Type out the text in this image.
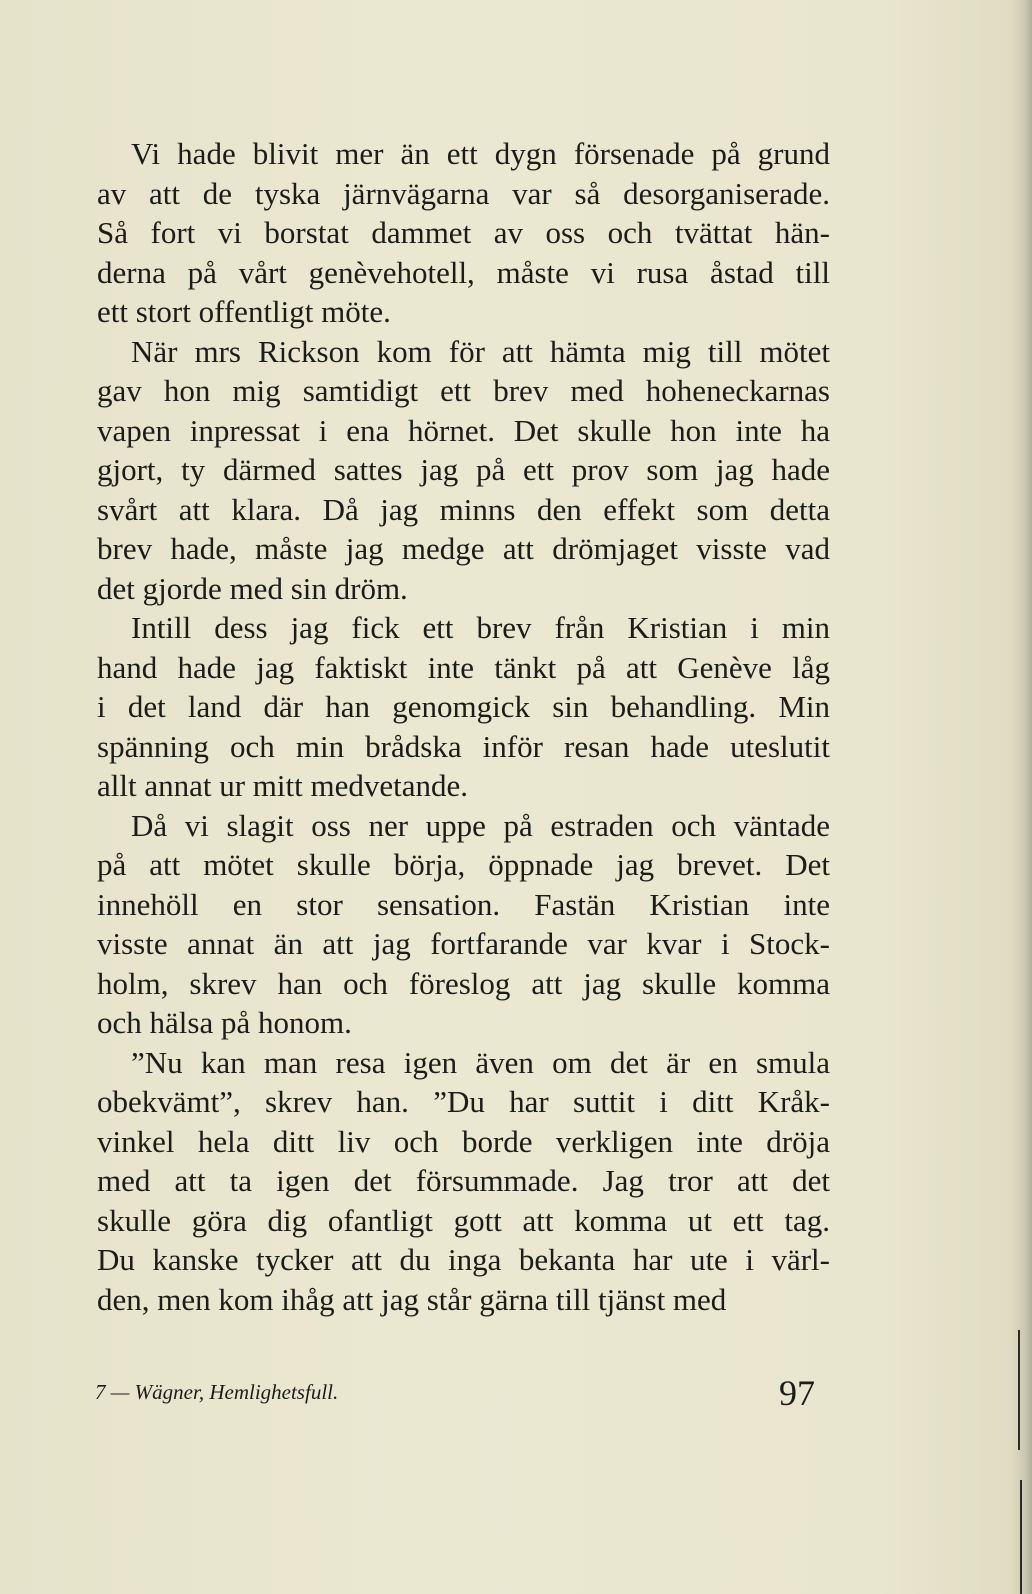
Vi hade blivit mer än ett dygn försenade på grund
av att de tyska järnvägarna var så desorganiserade.
Så fort vi borstat dammet av oss och tvättat hän-
derna på vårt genèvehotell, måste vi rusa åstad till
ett stort offentligt möte.
När mrs Rickson kom för att hämta mig till mötet
gav hon mig samtidigt ett brev med hoheneckarnas
vapen inpressat i ena hörnet. Det skulle hon inte ha
gjort, ty därmed sattes jag på ett prov som jag hade
svårt att klara. Då jag minns den effekt som detta
brev hade, måste jag medge att drömjaget visste vad
det gjorde med sin dröm.
Intill dess jag fick ett brev från Kristian i min
hand hade jag faktiskt inte tänkt på att Genève låg
i det land där han genomgick sin behandling. Min
spänning och min brådska inför resan hade uteslutit
allt annat ur mitt medvetande.
Då vi slagit oss ner uppe på estraden och väntade
på att mötet skulle börja, öppnade jag brevet. Det
innehöll en stor sensation. Fastän Kristian inte
visste annat än att jag fortfarande var kvar i Stock-
holm, skrev han och föreslog att jag skulle komma
och hälsa på honom.
”Nu kan man resa igen även om det är en smula
obekvämt”, skrev han. ”Du har suttit i ditt Kråk-
vinkel hela ditt liv och borde verkligen inte dröja
med att ta igen det försummade. Jag tror att det
skulle göra dig ofantligt gott att komma ut ett tag.
Du kanske tycker att du inga bekanta har ute i värl-
den, men kom ihåg att jag står gärna till tjänst med
7 — Wägner, Hemlighetsfull.	97
